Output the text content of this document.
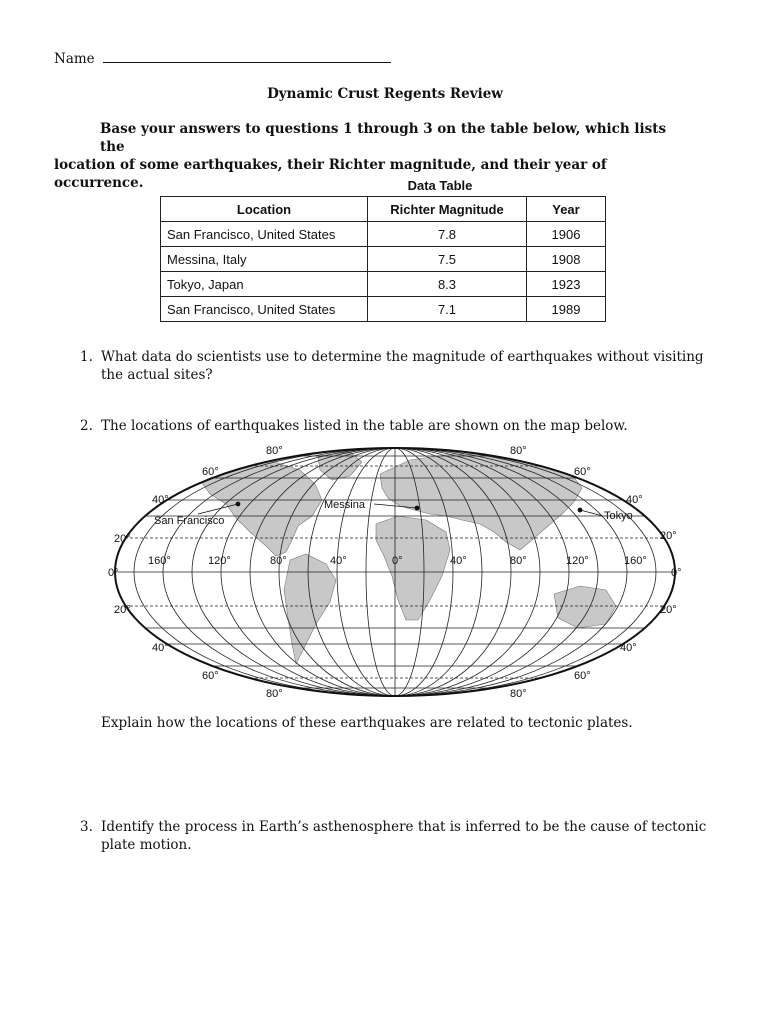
Name
Dynamic Crust Regents Review
Base your answers to questions 1 through 3 on the table below, which lists the
location of some earthquakes, their Richter magnitude, and their year of occurrence.	Data Table
Location	Richter Magnitude	Year
San Francisco, United States	7.8	1906
Messina, Italy	7.5	1908
Tokyo, Japan	8.3	1923
San Francisco, United States	7.1	1989
1. What data do scientists use to determine the magnitude of earthquakes without visiting the actual sites?
2. The locations of earthquakes listed in the table are shown on the map below.
80°	80°
60°	60°
40°	40°
20°	20°
0°	0°
20°	20°
40°	40°
60°	60°
80°	80°
160°	120°	80°	40°	0°	40°	80°	120°	160°
San Francisco
Messina
Tokyo
Explain how the locations of these earthquakes are related to tectonic plates.
3. Identify the process in Earth’s asthenosphere that is inferred to be the cause of tectonic plate motion.
